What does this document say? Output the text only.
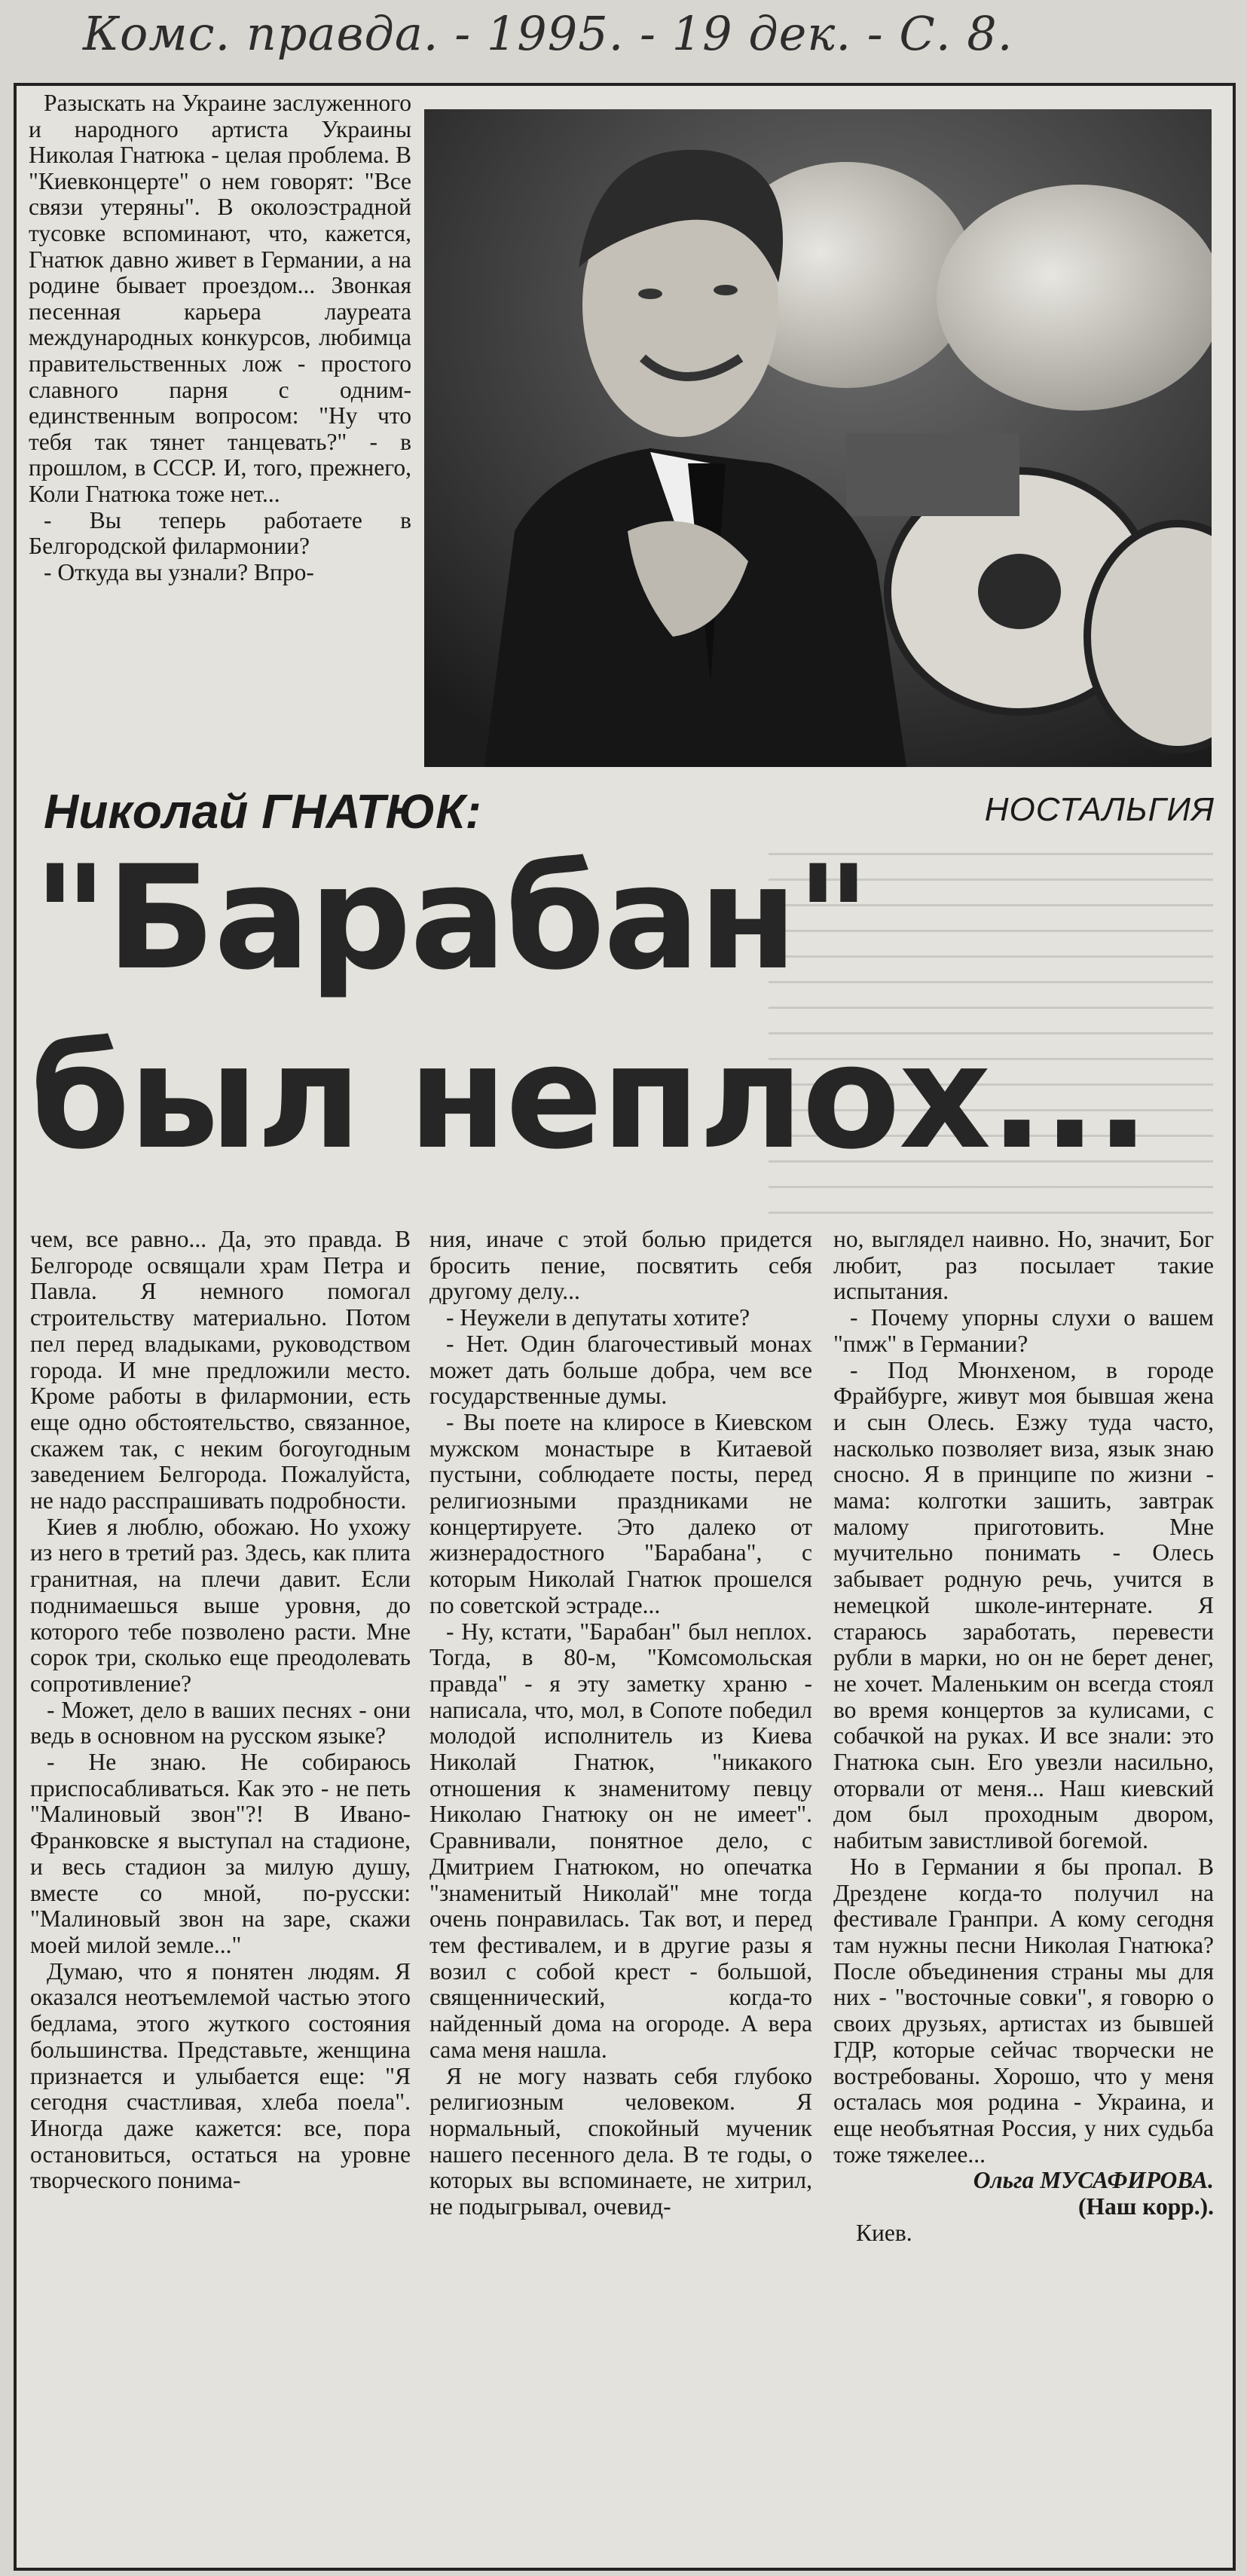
Комс. правда. - 1995. - 19 дек. - С. 8.

Разыскать на Украине заслуженного и народного артиста Украины Николая Гнатюка - целая проблема. В "Киевконцерте" о нем говорят: "Все связи утеряны". В околоэстрадной тусовке вспоминают, что, кажется, Гнатюк давно живет в Германии, а на родине бывает проездом... Звонкая песенная карьера лауреата международных конкурсов, любимца правительственных лож - простого славного парня с одним-единственным вопросом: "Ну что тебя так тянет танцевать?" - в прошлом, в СССР. И, того, прежнего, Коли Гнатюка тоже нет...

- Вы теперь работаете в Белгородской филармонии?

- Откуда вы узнали? Впро-

Николай ГНАТЮК:	НОСТАЛЬГИЯ
"Барабан"
был неплох...

чем, все равно... Да, это правда. В Белгороде освящали храм Петра и Павла. Я немного помогал строительству материально. Потом пел перед владыками, руководством города. И мне предложили место. Кроме работы в филармонии, есть еще одно обстоятельство, связанное, скажем так, с неким богоугодным заведением Белгорода. Пожалуйста, не надо расспрашивать подробности.

Киев я люблю, обожаю. Но ухожу из него в третий раз. Здесь, как плита гранитная, на плечи давит. Если поднимаешься выше уровня, до которого тебе позволено расти. Мне сорок три, сколько еще преодолевать сопротивление?

- Может, дело в ваших песнях - они ведь в основном на русском языке?

- Не знаю. Не собираюсь приспосабливаться. Как это - не петь "Малиновый звон"?! В Ивано-Франковске я выступал на стадионе, и весь стадион за милую душу, вместе со мной, по-русски: "Малиновый звон на заре, скажи моей милой земле..."

Думаю, что я понятен людям. Я оказался неотъемлемой частью этого бедлама, этого жуткого состояния большинства. Представьте, женщина признается и улыбается еще: "Я сегодня счастливая, хлеба поела". Иногда даже кажется: все, пора остановиться, остаться на уровне творческого понима-

ния, иначе с этой болью придется бросить пение, посвятить себя другому делу...

- Неужели в депутаты хотите?

- Нет. Один благочестивый монах может дать больше добра, чем все государственные думы.

- Вы поете на клиросе в Киевском мужском монастыре в Китаевой пустыни, соблюдаете посты, перед религиозными праздниками не концертируете. Это далеко от жизнерадостного "Барабана", с которым Николай Гнатюк прошелся по советской эстраде...

- Ну, кстати, "Барабан" был неплох. Тогда, в 80-м, "Комсомольская правда" - я эту заметку храню - написала, что, мол, в Сопоте победил молодой исполнитель из Киева Николай Гнатюк, "никакого отношения к знаменитому певцу Николаю Гнатюку он не имеет". Сравнивали, понятное дело, с Дмитрием Гнатюком, но опечатка "знаменитый Николай" мне тогда очень понравилась. Так вот, и перед тем фестивалем, и в другие разы я возил с собой крест - большой, священнический, когда-то найденный дома на огороде. А вера сама меня нашла.

Я не могу назвать себя глубоко религиозным человеком. Я нормальный, спокойный мученик нашего песенного дела. В те годы, о которых вы вспоминаете, не хитрил, не подыгрывал, очевид-

но, выглядел наивно. Но, значит, Бог любит, раз посылает такие испытания.

- Почему упорны слухи о вашем "пмж" в Германии?

- Под Мюнхеном, в городе Фрайбурге, живут моя бывшая жена и сын Олесь. Езжу туда часто, насколько позволяет виза, язык знаю сносно. Я в принципе по жизни - мама: колготки зашить, завтрак малому приготовить. Мне мучительно понимать - Олесь забывает родную речь, учится в немецкой школе-интернате. Я стараюсь заработать, перевести рубли в марки, но он не берет денег, не хочет. Маленьким он всегда стоял во время концертов за кулисами, с собачкой на руках. И все знали: это Гнатюка сын. Его увезли насильно, оторвали от меня... Наш киевский дом был проходным двором, набитым завистливой богемой.

Но в Германии я бы пропал. В Дрездене когда-то получил на фестивале Гранпри. А кому сегодня там нужны песни Николая Гнатюка? После объединения страны мы для них - "восточные совки", я говорю о своих друзьях, артистах из бывшей ГДР, которые сейчас творчески не востребованы. Хорошо, что у меня осталась моя родина - Украина, и еще необъятная Россия, у них судьба тоже тяжелее...

Ольга МУСАФИРОВА.

(Наш корр.).

Киев.
